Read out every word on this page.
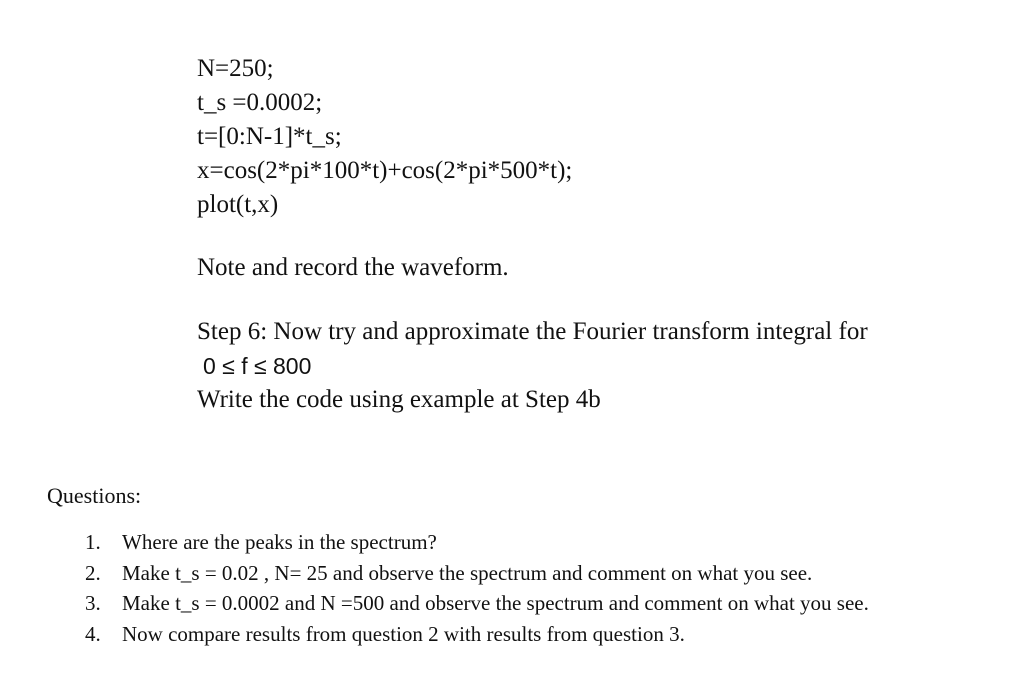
N=250;
t_s =0.0002;
t=[0:N-1]*t_s;
x=cos(2*pi*100*t)+cos(2*pi*500*t);
plot(t,x)
Note and record the waveform.
Step 6: Now try and approximate the Fourier transform integral for
0 ≤ f ≤ 800
Write the code using example at Step 4b
Questions:
1.	Where are the peaks in the spectrum?
2.	Make t_s = 0.02 , N= 25 and observe the spectrum and comment on what you see.
3.	Make t_s = 0.0002 and N =500 and observe the spectrum and comment on what you see.
4.	Now compare results from question 2 with results from question 3.
